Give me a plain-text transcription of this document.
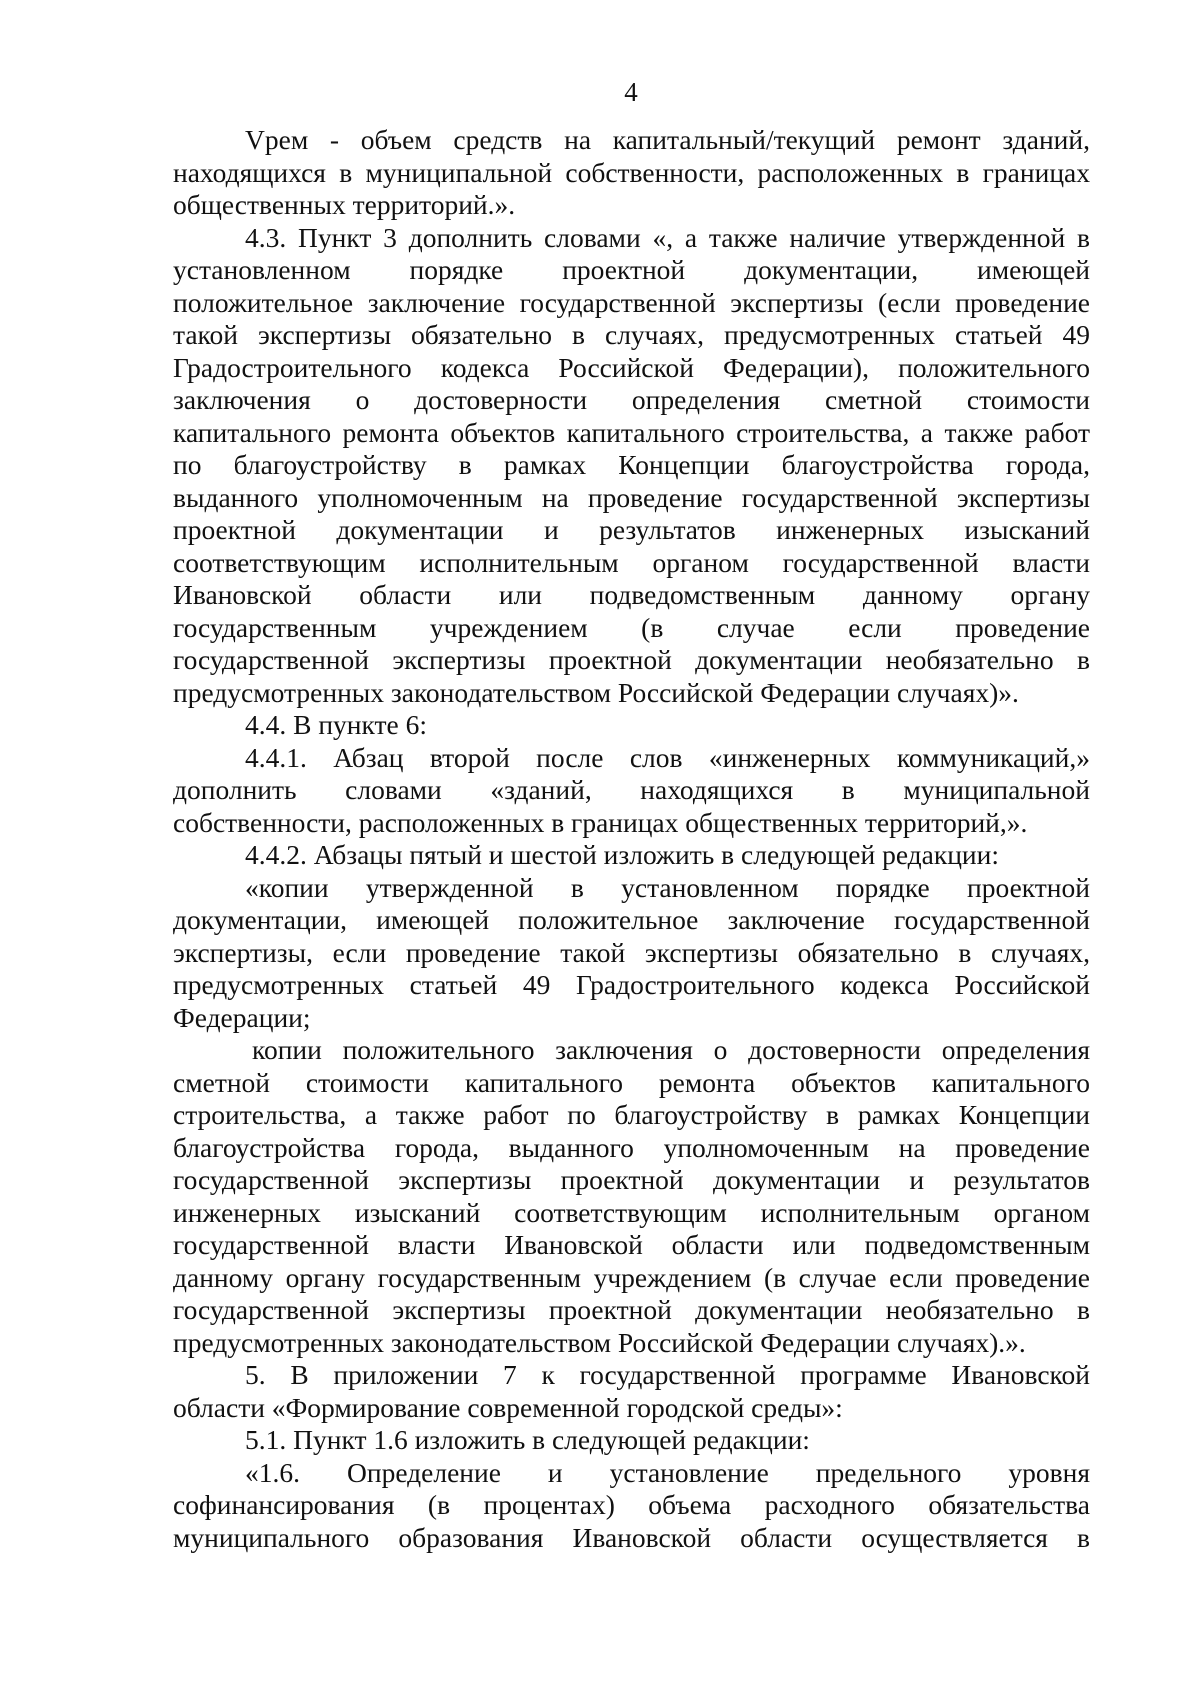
4
Vрем - объем средств на капитальный/текущий ремонт зданий,
находящихся в муниципальной собственности, расположенных в границах
общественных территорий.».
4.3. Пункт 3 дополнить словами «, а также наличие утвержденной в
установленном порядке проектной документации, имеющей
положительное заключение государственной экспертизы (если проведение
такой экспертизы обязательно в случаях, предусмотренных статьей 49
Градостроительного кодекса Российской Федерации), положительного
заключения о достоверности определения сметной стоимости
капитального ремонта объектов капитального строительства, а также работ
по благоустройству в рамках Концепции благоустройства города,
выданного уполномоченным на проведение государственной экспертизы
проектной документации и результатов инженерных изысканий
соответствующим исполнительным органом государственной власти
Ивановской области или подведомственным данному органу
государственным учреждением (в случае если проведение
государственной экспертизы проектной документации необязательно в
предусмотренных законодательством Российской Федерации случаях)».
4.4. В пункте 6:
4.4.1. Абзац второй после слов «инженерных коммуникаций,»
дополнить словами «зданий, находящихся в муниципальной
собственности, расположенных в границах общественных территорий,».
4.4.2. Абзацы пятый и шестой изложить в следующей редакции:
«копии утвержденной в установленном порядке проектной
документации, имеющей положительное заключение государственной
экспертизы, если проведение такой экспертизы обязательно в случаях,
предусмотренных статьей 49 Градостроительного кодекса Российской
Федерации;
копии положительного заключения о достоверности определения
сметной стоимости капитального ремонта объектов капитального
строительства, а также работ по благоустройству в рамках Концепции
благоустройства города, выданного уполномоченным на проведение
государственной экспертизы проектной документации и результатов
инженерных изысканий соответствующим исполнительным органом
государственной власти Ивановской области или подведомственным
данному органу государственным учреждением (в случае если проведение
государственной экспертизы проектной документации необязательно в
предусмотренных законодательством Российской Федерации случаях).».
5. В приложении 7 к государственной программе Ивановской
области «Формирование современной городской среды»:
5.1. Пункт 1.6 изложить в следующей редакции:
«1.6. Определение и установление предельного уровня
софинансирования (в процентах) объема расходного обязательства
муниципального образования Ивановской области осуществляется в
